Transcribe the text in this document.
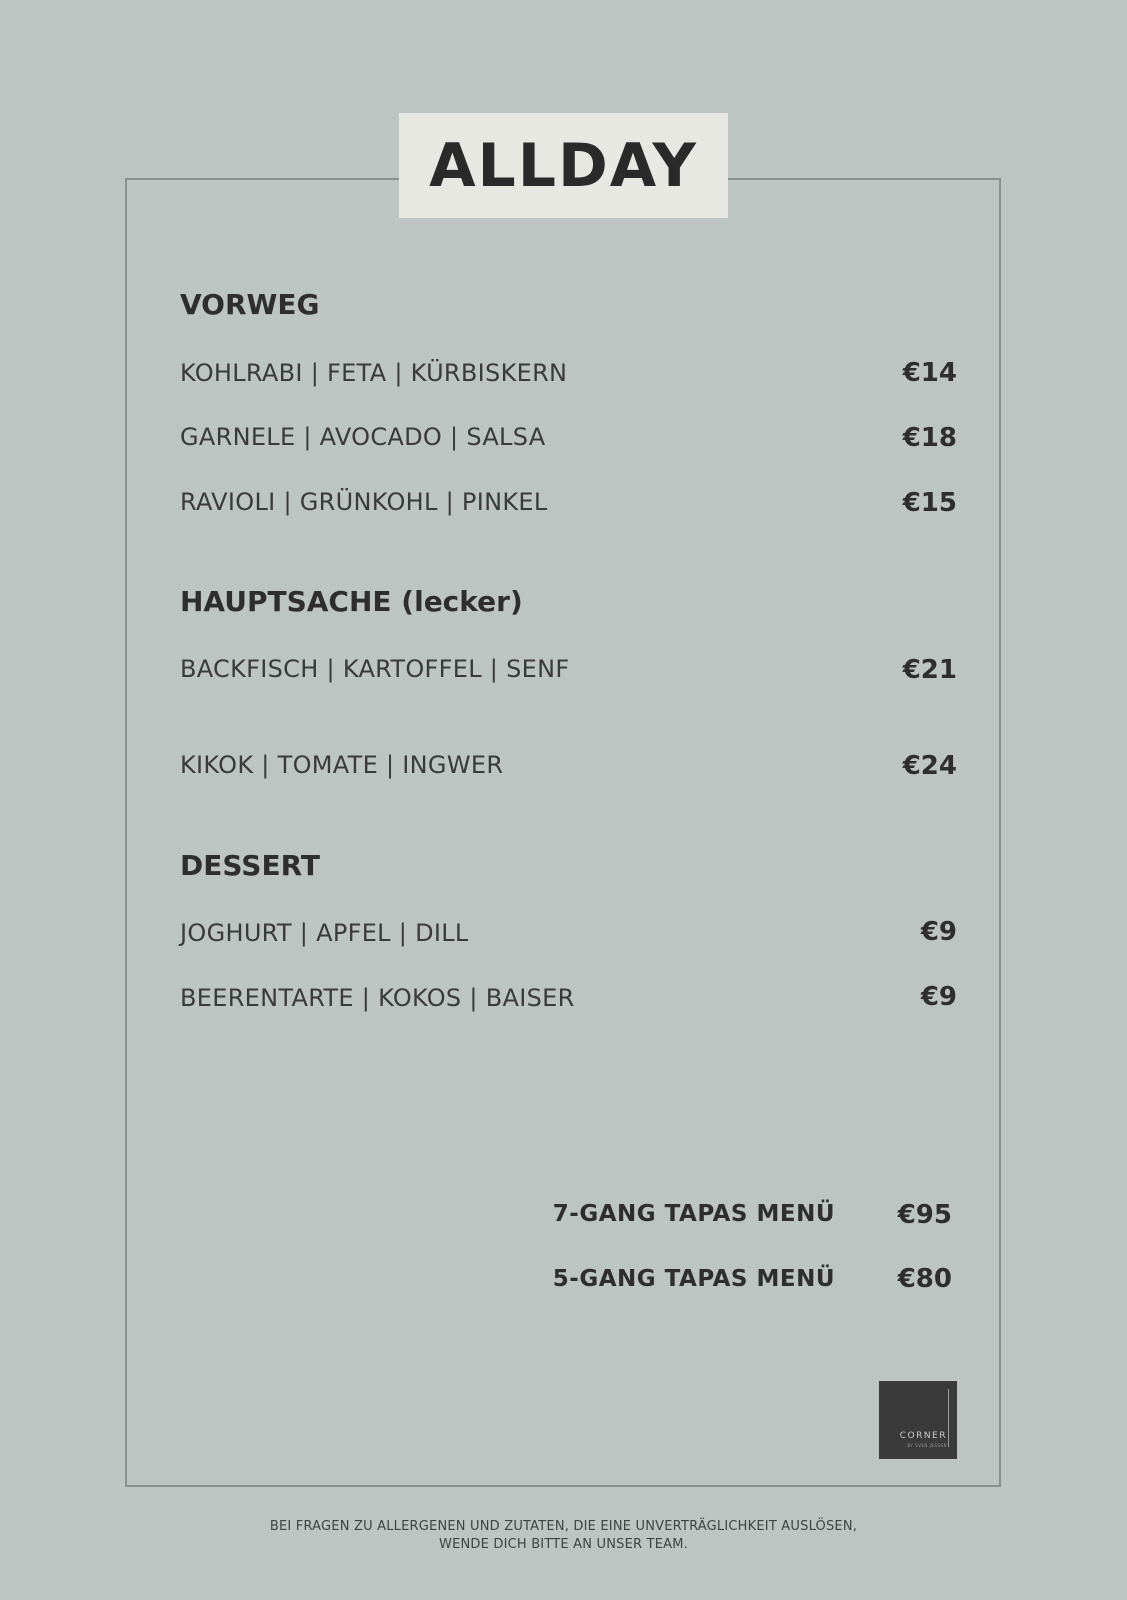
ALLDAY
VORWEG
KOHLRABI | FETA | KÜRBISKERN	€14
GARNELE | AVOCADO | SALSA	€18
RAVIOLI | GRÜNKOHL | PINKEL	€15
HAUPTSACHE (lecker)
BACKFISCH | KARTOFFEL | SENF	€21
KIKOK | TOMATE | INGWER	€24
DESSERT
JOGHURT | APFEL | DILL	€9
BEERENTARTE | KOKOS | BAISER	€9
7-GANG TAPAS MENÜ €95
5-GANG TAPAS MENÜ €80
CORNER
BY SVEN JESSEN
BEI FRAGEN ZU ALLERGENEN UND ZUTATEN, DIE EINE UNVERTRÄGLICHKEIT AUSLÖSEN,
WENDE DICH BITTE AN UNSER TEAM.
